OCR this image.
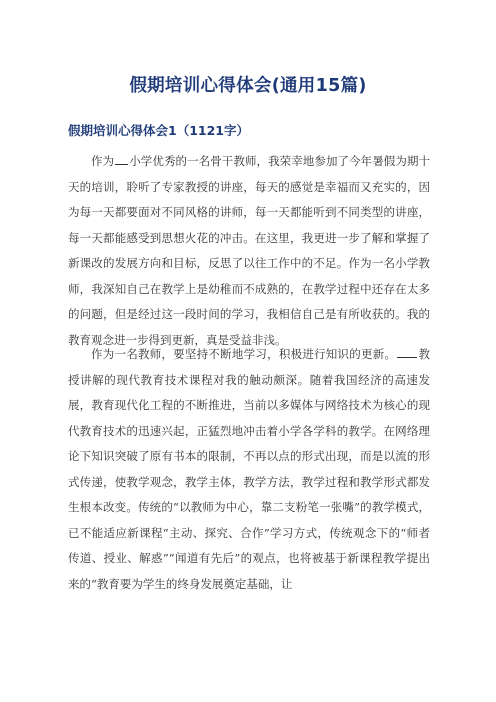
假期培训心得体会(通用15篇)
假期培训心得体会1（1121字）

作为 小学优秀的一名骨干教师，我荣幸地参加了今年暑假为期十天的培训，聆听了专家教授的讲座，每天的感觉是幸福而又充实的，因为每一天都要面对不同风格的讲师，每一天都能听到不同类型的讲座，每一天都能感受到思想火花的冲击。在这里，我更进一步了解和掌握了新课改的发展方向和目标，反思了以往工作中的不足。作为一名小学教师，我深知自己在教学上是幼稚而不成熟的，在教学过程中还存在太多的问题，但是经过这一段时间的学习，我相信自己是有所收获的。我的教育观念进一步得到更新，真是受益非浅。

作为一名教师，要坚持不断地学习，积极进行知识的更新。 教授讲解的现代教育技术课程对我的触动颇深。随着我国经济的高速发展，教育现代化工程的不断推进，当前以多媒体与网络技术为核心的现代教育技术的迅速兴起，正猛烈地冲击着小学各学科的教学。在网络理论下知识突破了原有书本的限制，不再以点的形式出现，而是以流的形式传递，使教学观念，教学主体，教学方法，教学过程和教学形式都发生根本改变。传统的“以教师为中心，靠二支粉笔一张嘴”的教学模式，已不能适应新课程“主动、探究、合作”学习方式，传统观念下的“师者传道、授业、解惑”“闻道有先后”的观点，也将被基于新课程教学提出来的“教育要为学生的终身发展奠定基础，让
